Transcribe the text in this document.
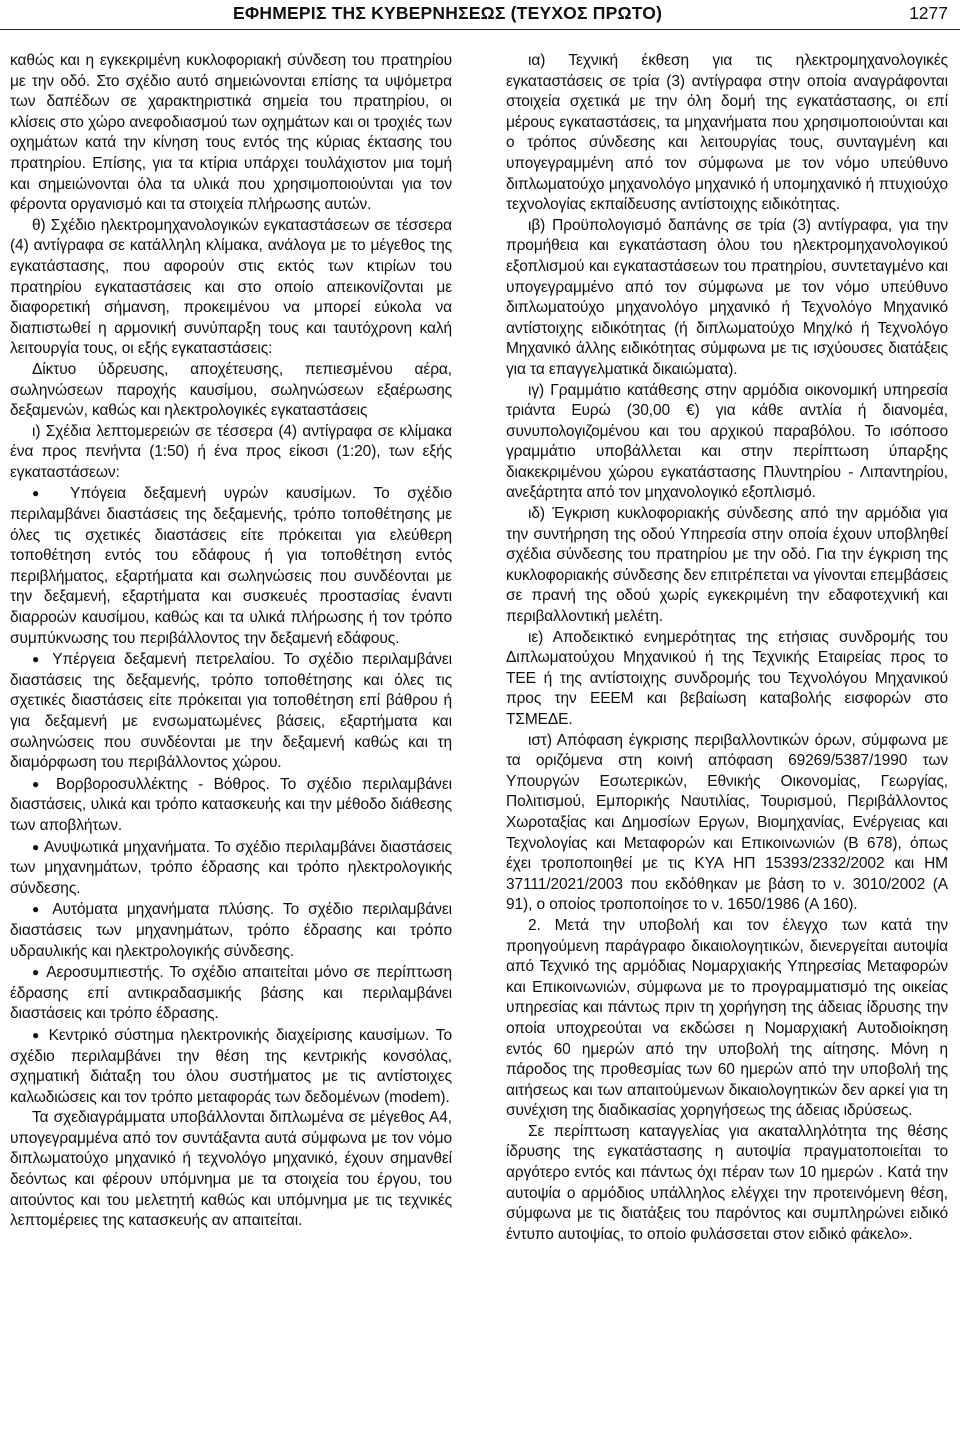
ΕΦΗΜΕΡΙΣ ΤΗΣ ΚΥΒΕΡΝΗΣΕΩΣ (ΤΕΥΧΟΣ ΠΡΩΤΟ)	1277

καθώς και η εγκεκριμένη κυκλοφοριακή σύνδεση του πρατηρίου με την οδό. Στο σχέδιο αυτό σημειώνονται επίσης τα υψόμετρα των δαπέδων σε χαρακτηριστικά σημεία του πρατηρίου, οι κλίσεις στο χώρο ανεφοδιασμού των οχημάτων και οι τροχιές των οχημάτων κατά την κίνηση τους εντός της κύριας έκτασης του πρατηρίου. Επίσης, για τα κτίρια υπάρχει τουλάχιστον μια τομή και σημειώνονται όλα τα υλικά που χρησιμοποιούνται για τον φέροντα οργανισμό και τα στοιχεία πλήρωσης αυτών.

θ) Σχέδιο ηλεκτρομηχανολογικών εγκαταστάσεων σε τέσσερα (4) αντίγραφα σε κατάλληλη κλίμακα, ανάλογα με το μέγεθος της εγκατάστασης, που αφορούν στις εκτός των κτιρίων του πρατηρίου εγκαταστάσεις και στο οποίο απεικονίζονται με διαφορετική σήμανση, προκειμένου να μπορεί εύκολα να διαπιστωθεί η αρμονική συνύπαρξη τους και ταυτόχρονη καλή λειτουργία τους, οι εξής εγκαταστάσεις:

Δίκτυο ύδρευσης, αποχέτευσης, πεπιεσμένου αέρα, σωληνώσεων παροχής καυσίμου, σωληνώσεων εξαέρωσης δεξαμενών, καθώς και ηλεκτρολογικές εγκαταστάσεις

ι) Σχέδια λεπτομερειών σε τέσσερα (4) αντίγραφα σε κλίμακα ένα προς πενήντα (1:50) ή ένα προς είκοσι (1:20), των εξής εγκαταστάσεων:

● Υπόγεια δεξαμενή υγρών καυσίμων. Το σχέδιο περιλαμβάνει διαστάσεις της δεξαμενής, τρόπο τοποθέτησης με όλες τις σχετικές διαστάσεις είτε πρόκειται για ελεύθερη τοποθέτηση εντός του εδάφους ή για τοποθέτηση εντός περιβλήματος, εξαρτήματα και σωληνώσεις που συνδέονται με την δεξαμενή, εξαρτήματα και συσκευές προστασίας έναντι διαρροών καυσίμου, καθώς και τα υλικά πλήρωσης ή τον τρόπο συμπύκνωσης του περιβάλλοντος την δεξαμενή εδάφους.

● Υπέργεια δεξαμενή πετρελαίου. Το σχέδιο περιλαμβάνει διαστάσεις της δεξαμενής, τρόπο τοποθέτησης και όλες τις σχετικές διαστάσεις είτε πρόκειται για τοποθέτηση επί βάθρου ή για δεξαμενή με ενσωματωμένες βάσεις, εξαρτήματα και σωληνώσεις που συνδέονται με την δεξαμενή καθώς και τη διαμόρφωση του περιβάλλοντος χώρου.

● Βορβοροσυλλέκτης - Βόθρος. Το σχέδιο περιλαμβάνει διαστάσεις, υλικά και τρόπο κατασκευής και την μέθοδο διάθεσης των αποβλήτων.

● Ανυψωτικά μηχανήματα. Το σχέδιο περιλαμβάνει διαστάσεις των μηχανημάτων, τρόπο έδρασης και τρόπο ηλεκτρολογικής σύνδεσης.

● Αυτόματα μηχανήματα πλύσης. Το σχέδιο περιλαμβάνει διαστάσεις των μηχανημάτων, τρόπο έδρασης και τρόπο υδραυλικής και ηλεκτρολογικής σύνδεσης.

● Αεροσυμπιεστής. Το σχέδιο απαιτείται μόνο σε περίπτωση έδρασης επί αντικραδασμικής βάσης και περιλαμβάνει διαστάσεις και τρόπο έδρασης.

● Κεντρικό σύστημα ηλεκτρονικής διαχείρισης καυσίμων. Το σχέδιο περιλαμβάνει την θέση της κεντρικής κονσόλας, σχηματική διάταξη του όλου συστήματος με τις αντίστοιχες καλωδιώσεις και τον τρόπο μεταφοράς των δεδομένων (modem).

Τα σχεδιαγράμματα υποβάλλονται διπλωμένα σε μέγεθος Α4, υπογεγραμμένα από τον συντάξαντα αυτά σύμφωνα με τον νόμο διπλωματούχο μηχανικό ή τεχνολόγο μηχανικό, έχουν σημανθεί δεόντως και φέρουν υπόμνημα με τα στοιχεία του έργου, του αιτούντος και του μελετητή καθώς και υπόμνημα με τις τεχνικές λεπτομέρειες της κατασκευής αν απαιτείται.

ια) Τεχνική έκθεση για τις ηλεκτρομηχανολογικές εγκαταστάσεις σε τρία (3) αντίγραφα στην οποία αναγράφονται στοιχεία σχετικά με την όλη δομή της εγκατάστασης, οι επί μέρους εγκαταστάσεις, τα μηχανήματα που χρησιμοποιούνται και ο τρόπος σύνδεσης και λειτουργίας τους, συνταγμένη και υπογεγραμμένη από τον σύμφωνα με τον νόμο υπεύθυνο διπλωματούχο μηχανολόγο μηχανικό ή υπομηχανικό ή πτυχιούχο τεχνολογίας εκπαίδευσης αντίστοιχης ειδικότητας.

ιβ) Προϋπολογισμό δαπάνης σε τρία (3) αντίγραφα, για την προμήθεια και εγκατάσταση όλου του ηλεκτρομηχανολογικού εξοπλισμού και εγκαταστάσεων του πρατηρίου, συντεταγμένο και υπογεγραμμένο από τον σύμφωνα με τον νόμο υπεύθυνο διπλωματούχο μηχανολόγο μηχανικό ή Τεχνολόγο Μηχανικό αντίστοιχης ειδικότητας (ή διπλωματούχο Μηχ/κό ή Τεχνολόγο Μηχανικό άλλης ειδικότητας σύμφωνα με τις ισχύουσες διατάξεις για τα επαγγελματικά δικαιώματα).

ιγ) Γραμμάτιο κατάθεσης στην αρμόδια οικονομική υπηρεσία τριάντα Ευρώ (30,00 €) για κάθε αντλία ή διανομέα, συνυπολογιζομένου και του αρχικού παραβόλου. Το ισόποσο γραμμάτιο υποβάλλεται και στην περίπτωση ύπαρξης διακεκριμένου χώρου εγκατάστασης Πλυντηρίου - Λιπαντηρίου, ανεξάρτητα από τον μηχανολογικό εξοπλισμό.

ιδ) Έγκριση κυκλοφοριακής σύνδεσης από την αρμόδια για την συντήρηση της οδού Υπηρεσία στην οποία έχουν υποβληθεί σχέδια σύνδεσης του πρατηρίου με την οδό. Για την έγκριση της κυκλοφοριακής σύνδεσης δεν επιτρέπεται να γίνονται επεμβάσεις σε πρανή της οδού χωρίς εγκεκριμένη την εδαφοτεχνική και περιβαλλοντική μελέτη.

ιε) Αποδεικτικό ενημερότητας της ετήσιας συνδρομής του Διπλωματούχου Μηχανικού ή της Τεχνικής Εταιρείας προς το ΤΕΕ ή της αντίστοιχης συνδρομής του Τεχνολόγου Μηχανικού προς την ΕΕΕΜ και βεβαίωση καταβολής εισφορών στο ΤΣΜΕΔΕ.

ιστ) Απόφαση έγκρισης περιβαλλοντικών όρων, σύμφωνα με τα οριζόμενα στη κοινή απόφαση 69269/5387/1990 των Υπουργών Εσωτερικών, Εθνικής Οικονομίας, Γεωργίας, Πολιτισμού, Εμπορικής Ναυτιλίας, Τουρισμού, Περιβάλλοντος Χωροταξίας και Δημοσίων Εργων, Βιομηχανίας, Ενέργειας και Τεχνολογίας και Μεταφορών και Επικοινωνιών (Β 678), όπως έχει τροποποιηθεί με τις ΚΥΑ ΗΠ 15393/2332/2002 και ΗΜ 37111/2021/2003 που εκδόθηκαν με βάση το ν. 3010/2002 (Α 91), ο οποίος τροποποίησε το ν. 1650/1986 (Α 160).

2. Μετά την υποβολή και τον έλεγχο των κατά την προηγούμενη παράγραφο δικαιολογητικών, διενεργείται αυτοψία από Τεχνικό της αρμόδιας Νομαρχιακής Υπηρεσίας Μεταφορών και Επικοινωνιών, σύμφωνα με το προγραμματισμό της οικείας υπηρεσίας και πάντως πριν τη χορήγηση της άδειας ίδρυσης την οποία υποχρεούται να εκδώσει η Νομαρχιακή Αυτοδιοίκηση εντός 60 ημερών από την υποβολή της αίτησης. Μόνη η πάροδος της προθεσμίας των 60 ημερών από την υποβολή της αιτήσεως και των απαιτούμενων δικαιολογητικών δεν αρκεί για τη συνέχιση της διαδικασίας χορηγήσεως της άδειας ιδρύσεως.

Σε περίπτωση καταγγελίας για ακαταλληλότητα της θέσης ίδρυσης της εγκατάστασης η αυτοψία πραγματοποιείται το αργότερο εντός και πάντως όχι πέραν των 10 ημερών . Κατά την αυτοψία ο αρμόδιος υπάλληλος ελέγχει την προτεινόμενη θέση, σύμφωνα με τις διατάξεις του παρόντος και συμπληρώνει ειδικό έντυπο αυτοψίας, το οποίο φυλάσσεται στον ειδικό φάκελο».
